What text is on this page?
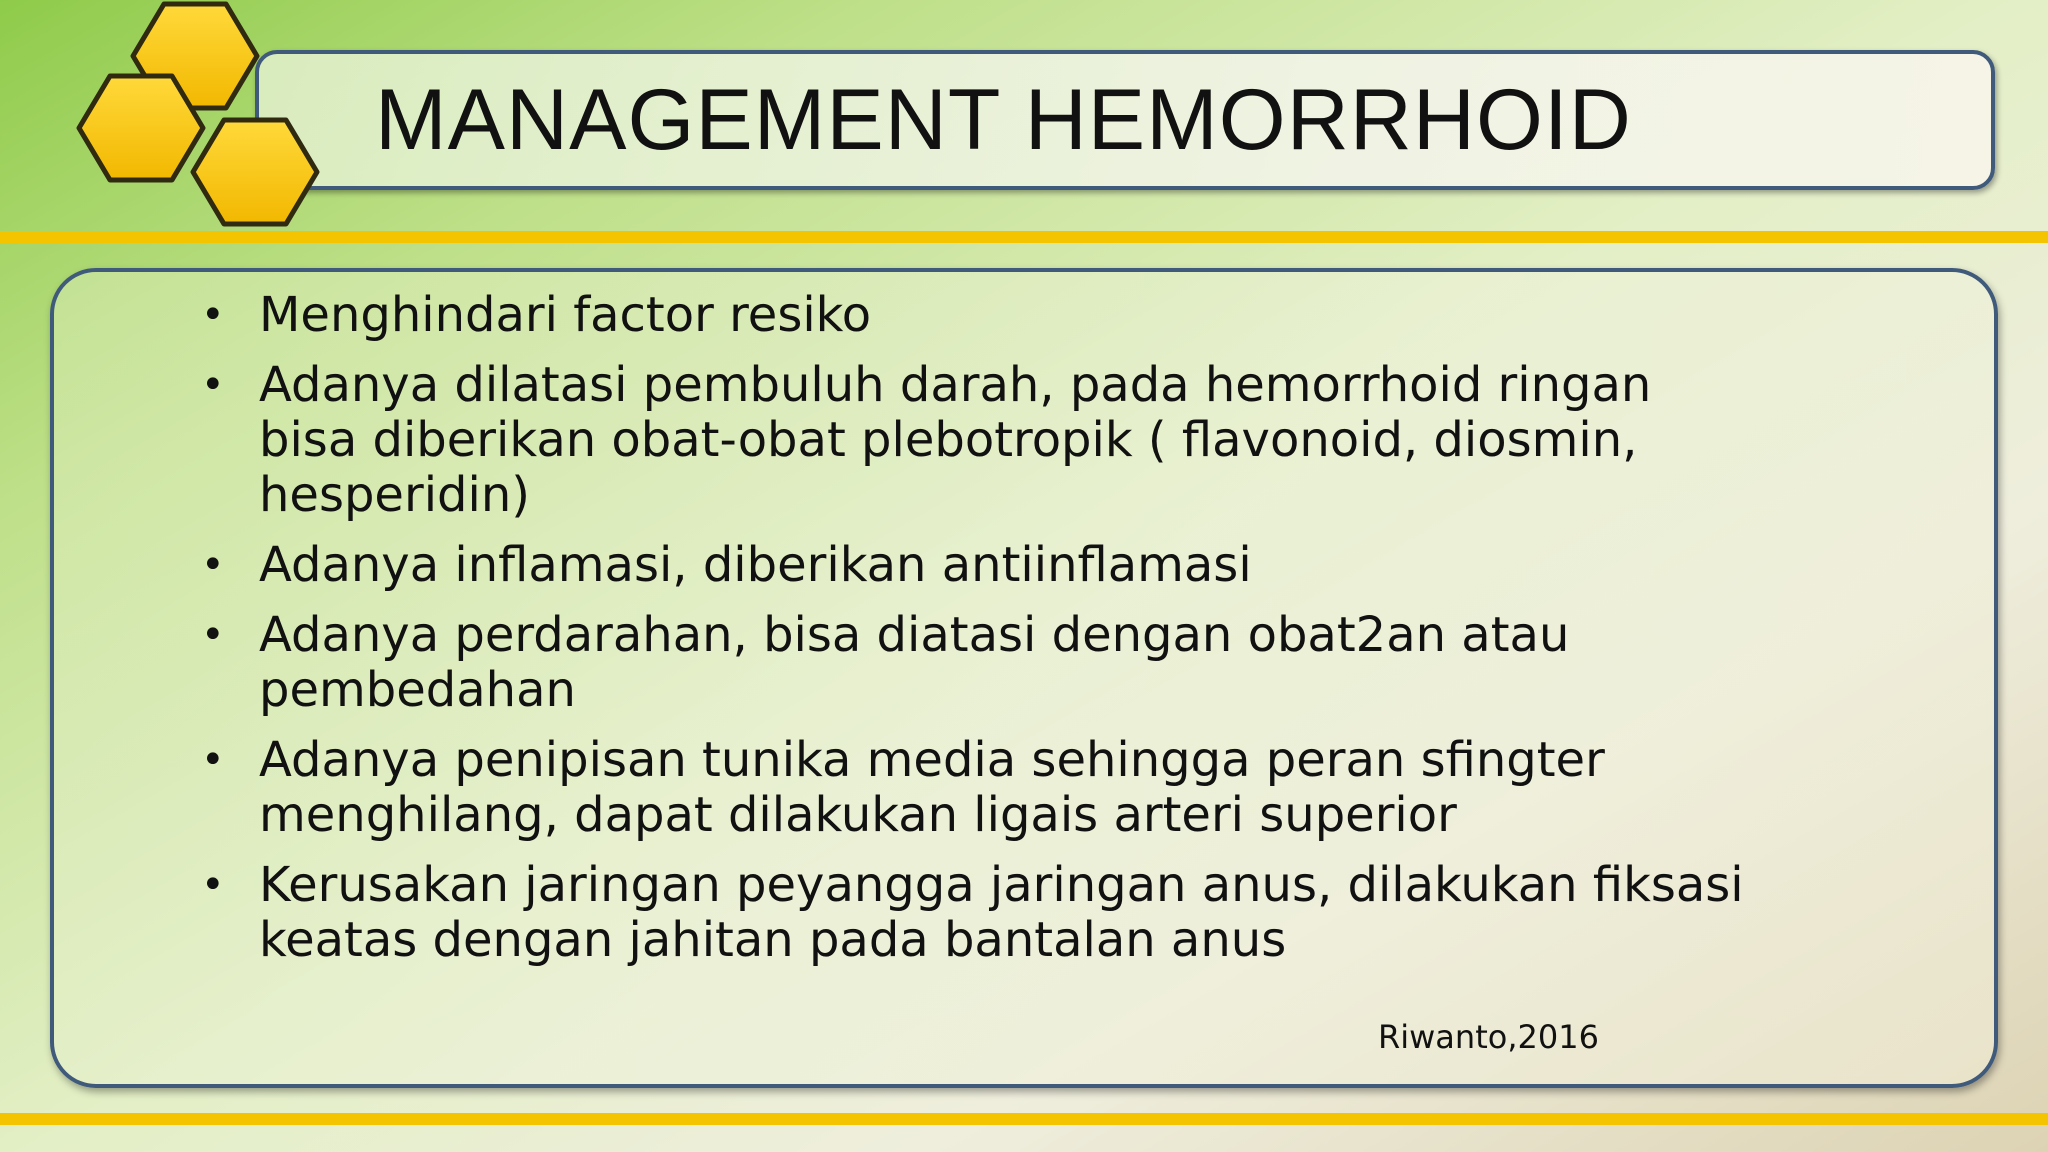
MANAGEMENT HEMORRHOID
• Menghindari factor resiko
• Adanya dilatasi pembuluh darah, pada hemorrhoid ringan
bisa diberikan obat-obat plebotropik ( flavonoid, diosmin,
hesperidin)
• Adanya inflamasi, diberikan antiinflamasi
• Adanya perdarahan, bisa diatasi dengan obat2an atau
pembedahan
• Adanya penipisan tunika media sehingga peran sfingter
menghilang, dapat dilakukan ligais arteri superior
• Kerusakan jaringan peyangga jaringan anus, dilakukan fiksasi
keatas dengan jahitan pada bantalan anus
Riwanto,2016
